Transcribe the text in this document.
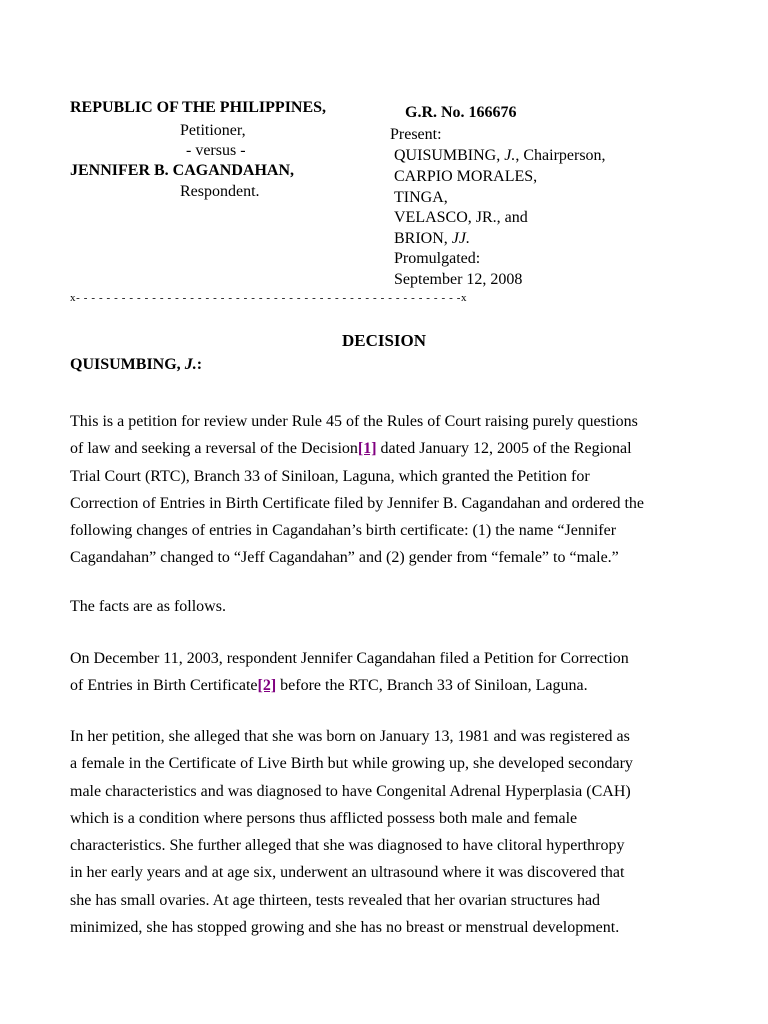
REPUBLIC OF THE PHILIPPINES,
Petitioner,
- versus -
JENNIFER B. CAGANDAHAN,
Respondent.
G.R. No. 166676
Present:
QUISUMBING, J., Chairperson,
CARPIO MORALES,
TINGA,
VELASCO, JR., and
BRION, JJ.
Promulgated:
September 12, 2008
x- - - - - - - - - - - - - - - - - - - - - - - - - - - - - - - - - - - - - - - - - - - - - - - - - - -x
DECISION
QUISUMBING, J.:
This is a petition for review under Rule 45 of the Rules of Court raising purely questions
of law and seeking a reversal of the Decision[1] dated January 12, 2005 of the Regional
Trial Court (RTC), Branch 33 of Siniloan, Laguna, which granted the Petition for
Correction of Entries in Birth Certificate filed by Jennifer B. Cagandahan and ordered the
following changes of entries in Cagandahan’s birth certificate: (1) the name “Jennifer
Cagandahan” changed to “Jeff Cagandahan” and (2) gender from “female” to “male.”
The facts are as follows.
On December 11, 2003, respondent Jennifer Cagandahan filed a Petition for Correction
of Entries in Birth Certificate[2] before the RTC, Branch 33 of Siniloan, Laguna.
In her petition, she alleged that she was born on January 13, 1981 and was registered as
a female in the Certificate of Live Birth but while growing up, she developed secondary
male characteristics and was diagnosed to have Congenital Adrenal Hyperplasia (CAH)
which is a condition where persons thus afflicted possess both male and female
characteristics. She further alleged that she was diagnosed to have clitoral hyperthropy
in her early years and at age six, underwent an ultrasound where it was discovered that
she has small ovaries. At age thirteen, tests revealed that her ovarian structures had
minimized, she has stopped growing and she has no breast or menstrual development.
